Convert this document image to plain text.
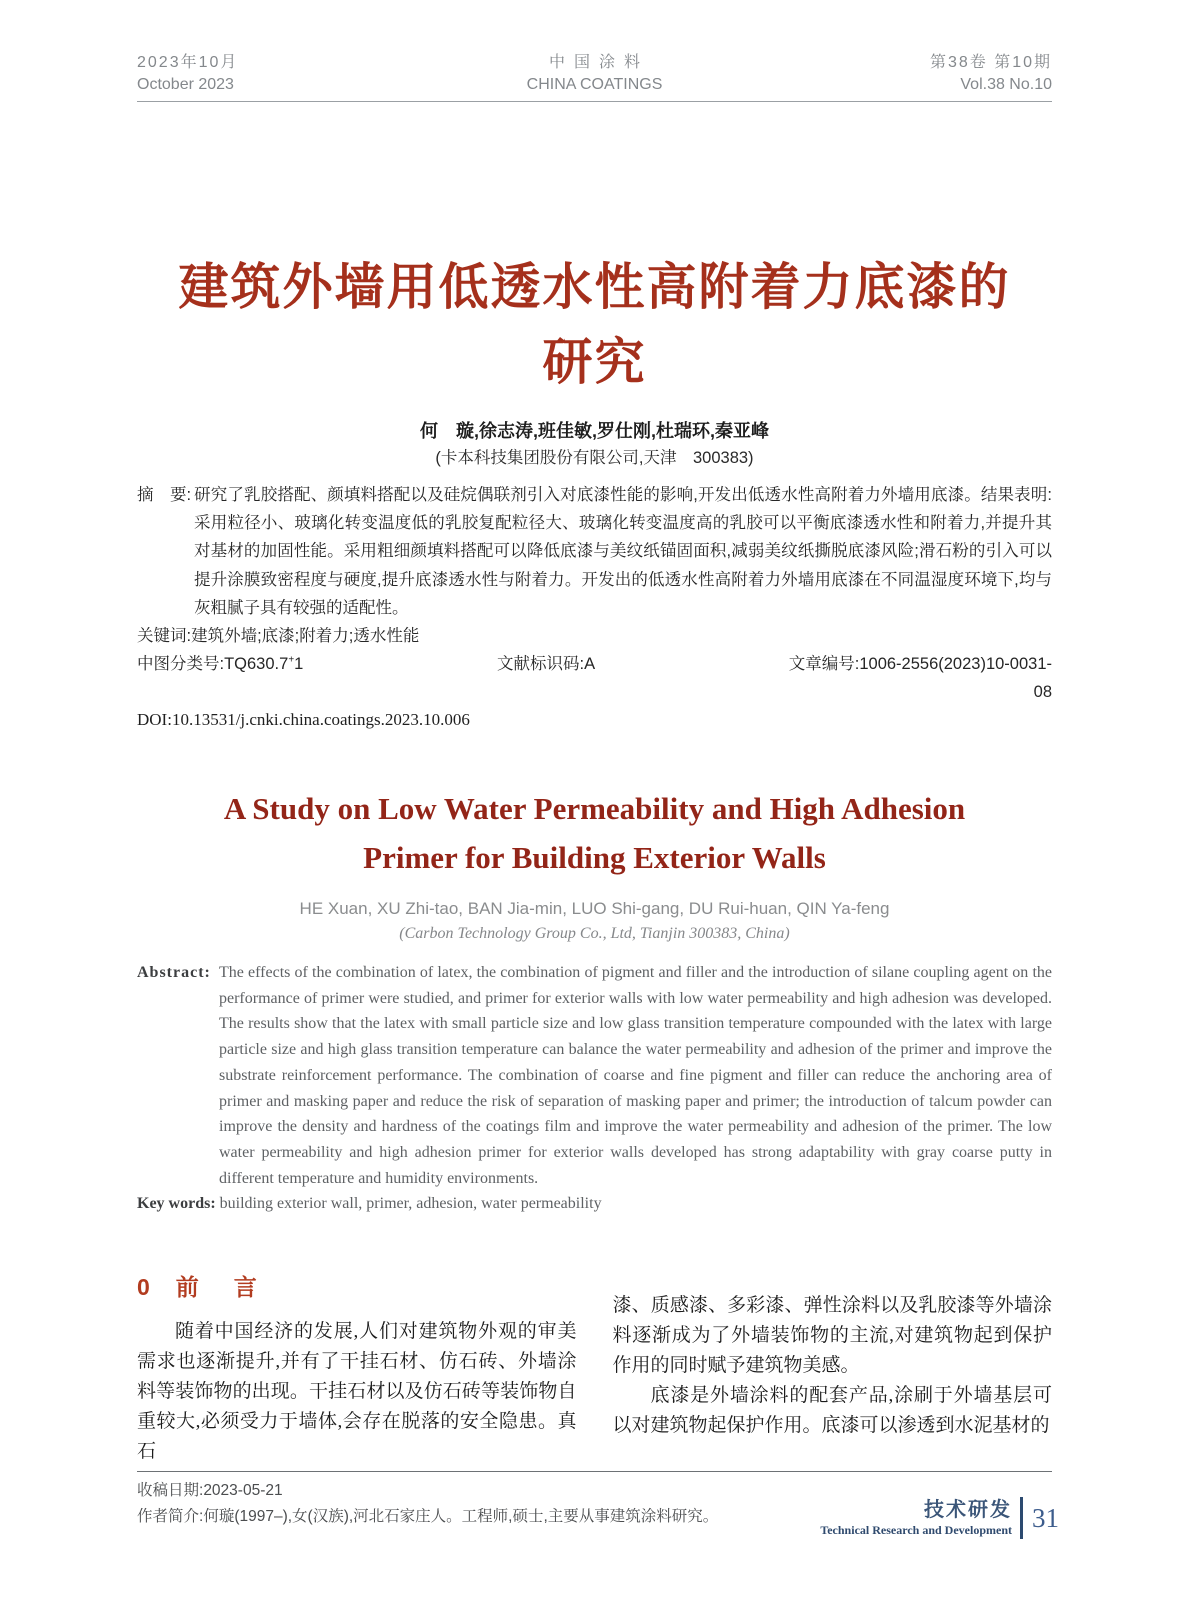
2023年10月
October 2023
中国涂料
CHINA COATINGS
第38卷 第10期
Vol.38 No.10
建筑外墙用低透水性高附着力底漆的
研究
何　璇,徐志涛,班佳敏,罗仕刚,杜瑞环,秦亚峰
(卡本科技集团股份有限公司,天津　300383)

摘　要: 研究了乳胶搭配、颜填料搭配以及硅烷偶联剂引入对底漆性能的影响,开发出低透水性高附着力外墙用底漆。结果表明:采用粒径小、玻璃化转变温度低的乳胶复配粒径大、玻璃化转变温度高的乳胶可以平衡底漆透水性和附着力,并提升其对基材的加固性能。采用粗细颜填料搭配可以降低底漆与美纹纸锚固面积,减弱美纹纸撕脱底漆风险;滑石粉的引入可以提升涂膜致密程度与硬度,提升底漆透水性与附着力。开发出的低透水性高附着力外墙用底漆在不同温湿度环境下,均与灰粗腻子具有较强的适配性。

关键词:建筑外墙;底漆;附着力;透水性能

中图分类号:TQ630.7+1	文献标识码:A	文章编号:1006-2556(2023)10-0031-08
DOI:10.13531/j.cnki.china.coatings.2023.10.006
A Study on Low Water Permeability and High Adhesion
Primer for Building Exterior Walls
HE Xuan, XU Zhi-tao, BAN Jia-min, LUO Shi-gang, DU Rui-huan, QIN Ya-feng
(Carbon Technology Group Co., Ltd, Tianjin 300383, China)

Abstract: The effects of the combination of latex, the combination of pigment and filler and the introduction of silane coupling agent on the performance of primer were studied, and primer for exterior walls with low water permeability and high adhesion was developed. The results show that the latex with small particle size and low glass transition temperature compounded with the latex with large particle size and high glass transition temperature can balance the water permeability and adhesion of the primer and improve the substrate reinforcement performance. The combination of coarse and fine pigment and filler can reduce the anchoring area of primer and masking paper and reduce the risk of separation of masking paper and primer; the introduction of talcum powder can improve the density and hardness of the coatings film and improve the water permeability and adhesion of the primer. The low water permeability and high adhesion primer for exterior walls developed has strong adaptability with gray coarse putty in different temperature and humidity environments.

Key words: building exterior wall, primer, adhesion, water permeability

0 前　言

随着中国经济的发展,人们对建筑物外观的审美需求也逐渐提升,并有了干挂石材、仿石砖、外墙涂料等装饰物的出现。干挂石材以及仿石砖等装饰物自重较大,必须受力于墙体,会存在脱落的安全隐患。真石

漆、质感漆、多彩漆、弹性涂料以及乳胶漆等外墙涂料逐渐成为了外墙装饰物的主流,对建筑物起到保护作用的同时赋予建筑物美感。

底漆是外墙涂料的配套产品,涂刷于外墙基层可以对建筑物起保护作用。底漆可以渗透到水泥基材的

收稿日期:2023-05-21
作者简介:何璇(1997–),女(汉族),河北石家庄人。工程师,硕士,主要从事建筑涂料研究。	技术研发
Technical Research and Development 31
